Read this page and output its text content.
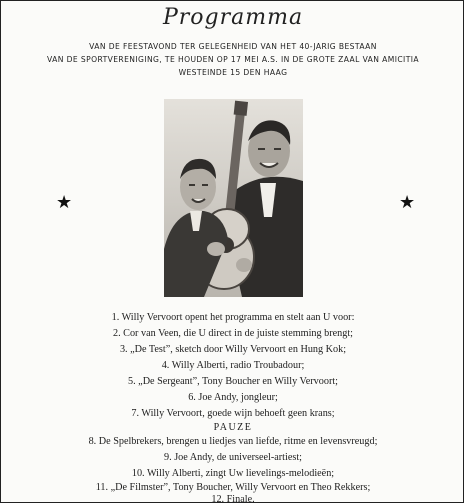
Programma
VAN DE FEESTAVOND TER GELEGENHEID VAN HET 40-JARIG BESTAAN
VAN DE SPORTVERENIGING, TE HOUDEN OP 17 MEI A.S. IN DE GROTE ZAAL VAN AMICITIA
WESTEINDE 15 DEN HAAG
★	★
1. Willy Vervoort opent het programma en stelt aan U voor:
2. Cor van Veen, die U direct in de juiste stemming brengt;
3. „De Test”, sketch door Willy Vervoort en Hung Kok;
4. Willy Alberti, radio Troubadour;
5. „De Sergeant”, Tony Boucher en Willy Vervoort;
6. Joe Andy, jongleur;
7. Willy Vervoort, goede wijn behoeft geen krans;
PAUZE
8. De Spelbrekers, brengen u liedjes van liefde, ritme en levensvreugd;
9. Joe Andy, de universeel-artiest;
10. Willy Alberti, zingt Uw lievelings-melodieën;
11. „De Filmster”, Tony Boucher, Willy Vervoort en Theo Rekkers;
12. Finale.
